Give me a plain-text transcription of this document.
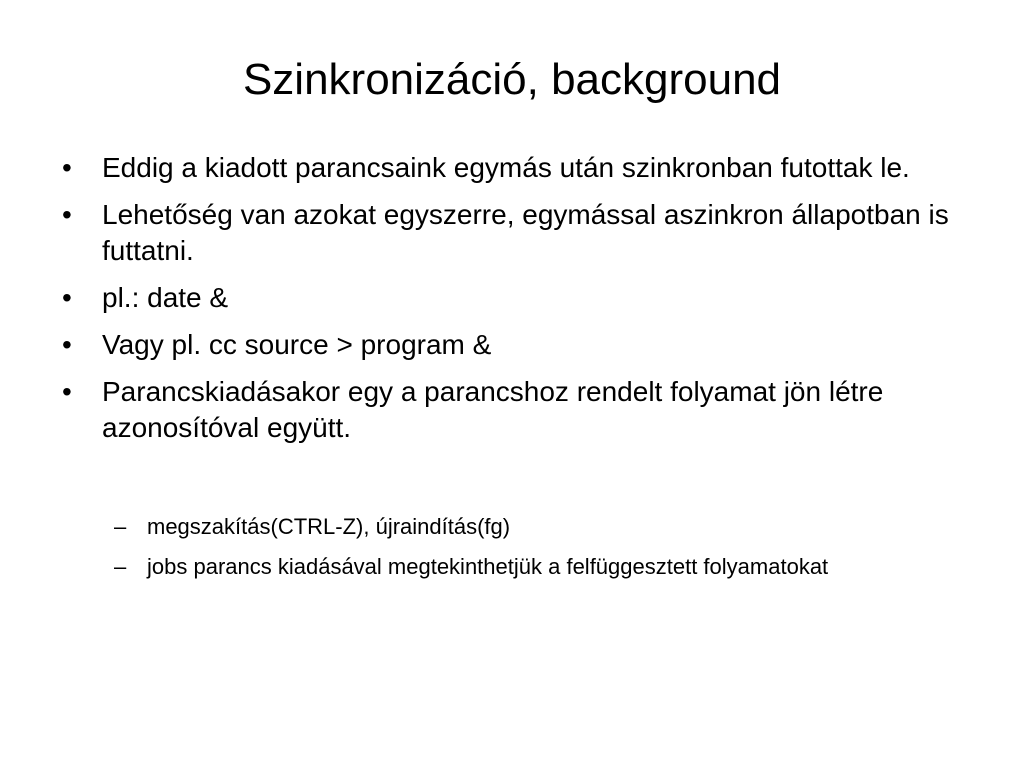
Szinkronizáció, background
•	Eddig a kiadott parancsaink egymás után szinkronban futottak le.
•	Lehetőség van azokat egyszerre, egymással aszinkron állapotban is futtatni.
•	pl.: date &
•	Vagy pl. cc source > program &
•	Parancskiadásakor egy a parancshoz rendelt folyamat jön létre azonosítóval együtt.
– megszakítás(CTRL-Z), újraindítás(fg)
– jobs parancs kiadásával megtekinthetjük a felfüggesztett folyamatokat
